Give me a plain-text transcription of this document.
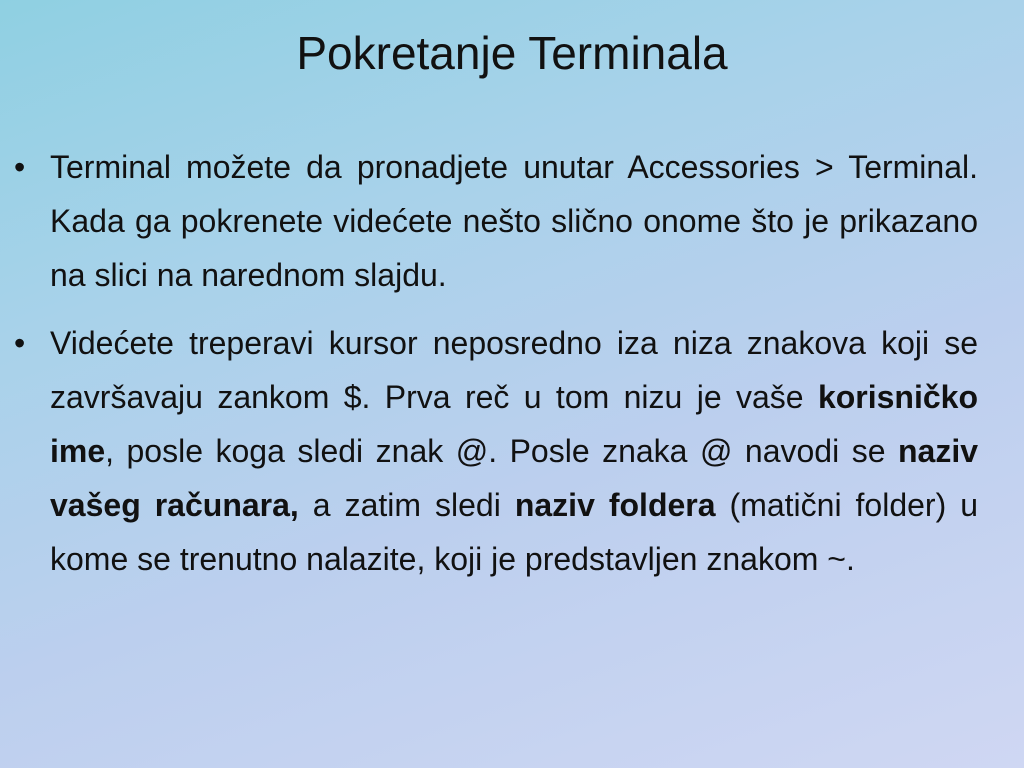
Pokretanje Terminala
• Terminal možete da pronadjete unutar Accessories > Terminal. Kada ga pokrenete videćete nešto slično onome što je prikazano na slici na narednom slajdu.
• Videćete treperavi kursor neposredno iza niza znakova koji se završavaju zankom $. Prva reč u tom nizu je vaše korisničko ime, posle koga sledi znak @. Posle znaka @ navodi se naziv vašeg računara, a zatim sledi naziv foldera (matični folder) u kome se trenutno nalazite, koji je predstavljen znakom ~.
